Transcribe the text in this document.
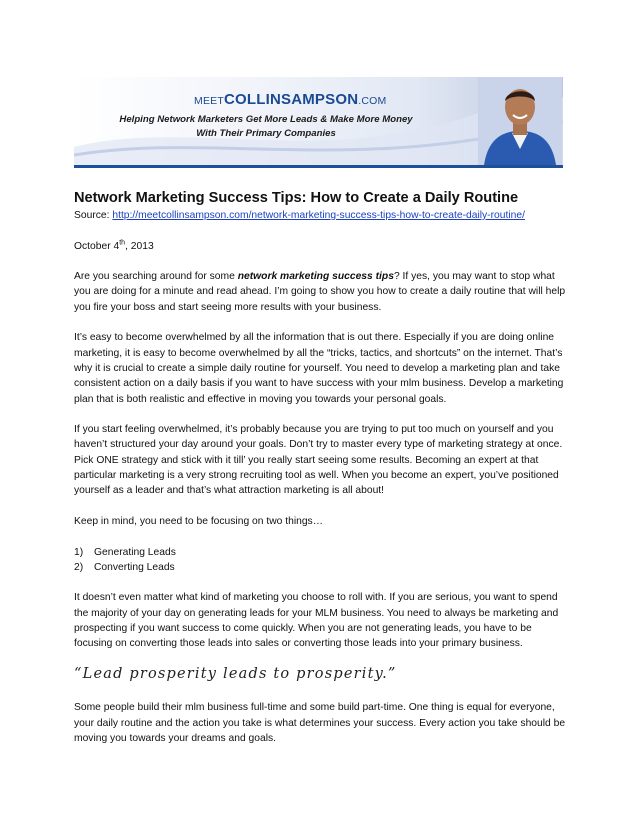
MEETCOLLINSAMPSON.COM
Helping Network Marketers Get More Leads & Make More Money
With Their Primary Companies
Network Marketing Success Tips: How to Create a Daily Routine

Source: http://meetcollinsampson.com/network-marketing-success-tips-how-to-create-daily-routine/

October 4th, 2013

Are you searching around for some network marketing success tips? If yes, you may want to stop what you are doing for a minute and read ahead. I’m going to show you how to create a daily routine that will help you fire your boss and start seeing more results with your business.

It’s easy to become overwhelmed by all the information that is out there. Especially if you are doing online marketing, it is easy to become overwhelmed by all the “tricks, tactics, and shortcuts” on the internet. That’s why it is crucial to create a simple daily routine for yourself. You need to develop a marketing plan and take consistent action on a daily basis if you want to have success with your mlm business. Develop a marketing plan that is both realistic and effective in moving you towards your personal goals.

If you start feeling overwhelmed, it’s probably because you are trying to put too much on yourself and you haven’t structured your day around your goals. Don’t try to master every type of marketing strategy at once. Pick ONE strategy and stick with it till’ you really start seeing some results. Becoming an expert at that particular marketing is a very strong recruiting tool as well. When you become an expert, you’ve positioned yourself as a leader and that’s what attraction marketing is all about!

Keep in mind, you need to be focusing on two things…

1)	Generating Leads
2)	Converting Leads

It doesn’t even matter what kind of marketing you choose to roll with. If you are serious, you want to spend the majority of your day on generating leads for your MLM business. You need to always be marketing and prospecting if you want success to come quickly. When you are not generating leads, you have to be focusing on converting those leads into sales or converting those leads into your primary business.

“Lead prosperity leads to prosperity.”

Some people build their mlm business full-time and some build part-time. One thing is equal for everyone, your daily routine and the action you take is what determines your success. Every action you take should be moving you towards your dreams and goals.
